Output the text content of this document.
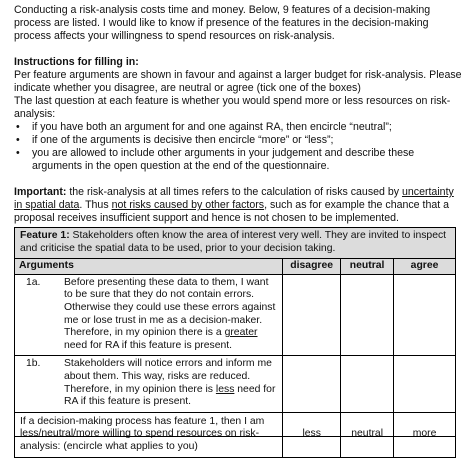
Conducting a risk-analysis costs time and money. Below, 9 features of a decision-making process are listed. I would like to know if presence of the features in the decision-making process affects your willingness to spend resources on risk-analysis.

Instructions for filling in:

Per feature arguments are shown in favour and against a larger budget for risk-analysis. Please indicate whether you disagree, are neutral or agree (tick one of the boxes)

The last question at each feature is whether you would spend more or less resources on risk-analysis:

• if you have both an argument for and one against RA, then encircle “neutral”;
• if one of the arguments is decisive then encircle “more” or “less”;
• you are allowed to include other arguments in your judgement and describe these arguments in the open question at the end of the questionnaire.

Important: the risk-analysis at all times refers to the calculation of risks caused by uncertainty in spatial data. Thus not risks caused by other factors, such as for example the chance that a proposal receives insufficient support and hence is not chosen to be implemented.

Feature 1: Stakeholders often know the area of interest very well. They are invited to inspect and criticise the spatial data to be used, prior to your decision taking.			
Arguments	disagree	neutral	agree

1a. Before presenting these data to them, I want to be sure that they do not contain errors. Otherwise they could use these errors against me or lose trust in me as a decision-maker. Therefore, in my opinion there is a greater need for RA if this feature is present.			

1b. Stakeholders will notice errors and inform me about them. This way, risks are reduced. Therefore, in my opinion there is less need for RA if this feature is present.			

If a decision-making process has feature 1, then I am less/neutral/more willing to spend resources on risk-analysis: (encircle what applies to you)	less	neutral	more
